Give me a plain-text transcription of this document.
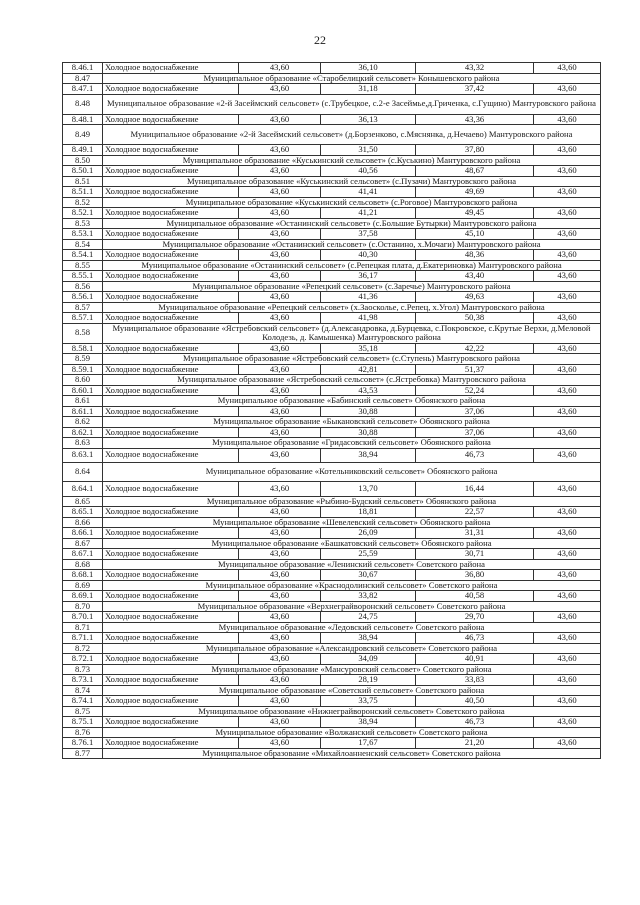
22
8.46.1	Холодное водоснабжение	43,60	36,10	43,32	43,60
8.47	Муниципальное образование «Старобелицкий сельсовет» Конышевского района				
8.47.1	Холодное водоснабжение	43,60	31,18	37,42	43,60
8.48	Муниципальное образование «2-й Засеймский сельсовет» (с.Трубецкое, с.2-е Засеймье,д.Гриченка, с.Гущино) Мантуровского района				
8.48.1	Холодное водоснабжение	43,60	36,13	43,36	43,60
8.49	Муниципальное образование «2-й Засеймский сельсовет» (д.Борзенково, с.Мяснянка, д.Нечаево) Мантуровского района				
8.49.1	Холодное водоснабжение	43,60	31,50	37,80	43,60
8.50	Муниципальное образование «Куськинский сельсовет» (с.Куськино) Мантуровского района				
8.50.1	Холодное водоснабжение	43,60	40,56	48,67	43,60
8.51	Муниципальное образование «Куськинский сельсовет» (с.Пузачи) Мантуровского района				
8.51.1	Холодное водоснабжение	43,60	41,41	49,69	43,60
8.52	Муниципальное образование «Куськинский сельсовет» (с.Роговое) Мантуровского района				
8.52.1	Холодное водоснабжение	43,60	41,21	49,45	43,60
8.53	Муниципальное образование «Останинский сельсовет» (с.Большие Бутырки) Мантуровского района				
8.53.1	Холодное водоснабжение	43,60	37,58	45,10	43,60
8.54	Муниципальное образование «Останинский сельсовет» (с.Останино, х.Мочаги) Мантуровского района				
8.54.1	Холодное водоснабжение	43,60	40,30	48,36	43,60
8.55	Муниципальное образование «Останинский сельсовет» (с.Репецкая плата, д.Екатериновка) Мантуровского района				
8.55.1	Холодное водоснабжение	43,60	36,17	43,40	43,60
8.56	Муниципальное образование «Репецкий сельсовет» (с.Заречье) Мантуровского района				
8.56.1	Холодное водоснабжение	43,60	41,36	49,63	43,60
8.57	Муниципальное образование «Репецкий сельсовет» (х.Заосколье, с.Репец, х.Угол) Мантуровского района				
8.57.1	Холодное водоснабжение	43,60	41,98	50,38	43,60
8.58	Муниципальное образование «Ястребовский сельсовет» (д.Александровка, д.Бурцевка, с.Покровское, с.Крутые Верхи, д.Меловой Колодезь, д. Камышенка) Мантуровского района				
8.58.1	Холодное водоснабжение	43,60	35,18	42,22	43,60
8.59	Муниципальное образование «Ястребовский сельсовет» (с.Ступень) Мантуровского района				
8.59.1	Холодное водоснабжение	43,60	42,81	51,37	43,60
8.60	Муниципальное образование «Ястребовский сельсовет» (с.Ястребовка) Мантуровского района				
8.60.1	Холодное водоснабжение	43,60	43,53	52,24	43,60
8.61	Муниципальное образование «Бабинский сельсовет» Обоянского района				
8.61.1	Холодное водоснабжение	43,60	30,88	37,06	43,60
8.62	Муниципальное образование «Быкановский сельсовет» Обоянского района				
8.62.1	Холодное водоснабжение	43,60	30,88	37,06	43,60
8.63	Муниципальное образование «Гридасовский сельсовет» Обоянского района				
8.63.1	Холодное водоснабжение	43,60	38,94	46,73	43,60
8.64	Муниципальное образование «Котельниковский сельсовет» Обоянского района				
8.64.1	Холодное водоснабжение	43,60	13,70	16,44	43,60
8.65	Муниципальное образование «Рыбино-Будский сельсовет» Обоянского района				
8.65.1	Холодное водоснабжение	43,60	18,81	22,57	43,60
8.66	Муниципальное образование «Шевелевский сельсовет» Обоянского района				
8.66.1	Холодное водоснабжение	43,60	26,09	31,31	43,60
8.67	Муниципальное образование «Башкатовский сельсовет» Обоянского района				
8.67.1	Холодное водоснабжение	43,60	25,59	30,71	43,60
8.68	Муниципальное образование «Ленинский сельсовет» Советского района				
8.68.1	Холодное водоснабжение	43,60	30,67	36,80	43,60
8.69	Муниципальное образование «Краснодолинский сельсовет» Советского района				
8.69.1	Холодное водоснабжение	43,60	33,82	40,58	43,60
8.70	Муниципальное образование «Верхнеграйворонский сельсовет» Советского района				
8.70.1	Холодное водоснабжение	43,60	24,75	29,70	43,60
8.71	Муниципальное образование «Ледовский сельсовет» Советского района				
8.71.1	Холодное водоснабжение	43,60	38,94	46,73	43,60
8.72	Муниципальное образование «Александровский сельсовет» Советского района				
8.72.1	Холодное водоснабжение	43,60	34,09	40,91	43,60
8.73	Муниципальное образование «Мансуровский сельсовет» Советского района				
8.73.1	Холодное водоснабжение	43,60	28,19	33,83	43,60
8.74	Муниципальное образование «Советский сельсовет» Советского района				
8.74.1	Холодное водоснабжение	43,60	33,75	40,50	43,60
8.75	Муниципальное образование «Нижнеграйворонский сельсовет» Советского района				
8.75.1	Холодное водоснабжение	43,60	38,94	46,73	43,60
8.76	Муниципальное образование «Волжанский сельсовет» Советского района				
8.76.1	Холодное водоснабжение	43,60	17,67	21,20	43,60
8.77	Муниципальное образование «Михайлоанненский сельсовет» Советского района				
